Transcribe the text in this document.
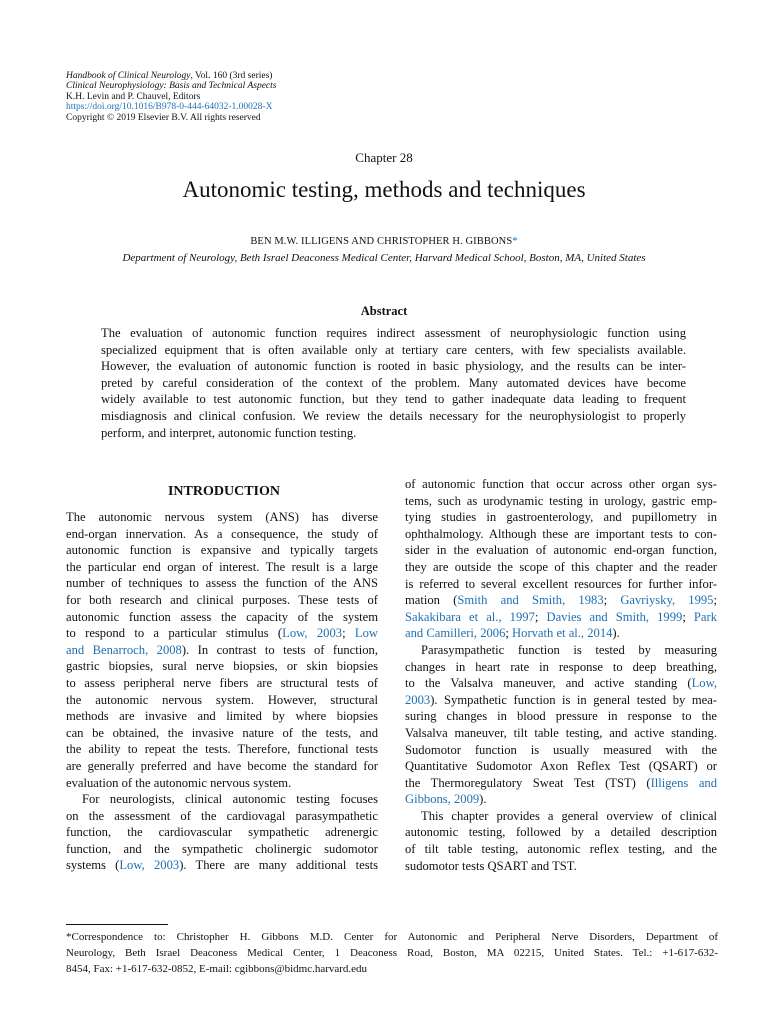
Handbook of Clinical Neurology, Vol. 160 (3rd series)
Clinical Neurophysiology: Basis and Technical Aspects
K.H. Levin and P. Chauvel, Editors
https://doi.org/10.1016/B978-0-444-64032-1.00028-X
Copyright © 2019 Elsevier B.V. All rights reserved
Chapter 28
Autonomic testing, methods and techniques
BEN M.W. ILLIGENS AND CHRISTOPHER H. GIBBONS*
Department of Neurology, Beth Israel Deaconess Medical Center, Harvard Medical School, Boston, MA, United States
Abstract
The evaluation of autonomic function requires indirect assessment of neurophysiologic function using
specialized equipment that is often available only at tertiary care centers, with few specialists available.
However, the evaluation of autonomic function is rooted in basic physiology, and the results can be inter-
preted by careful consideration of the context of the problem. Many automated devices have become
widely available to test autonomic function, but they tend to gather inadequate data leading to frequent
misdiagnosis and clinical confusion. We review the details necessary for the neurophysiologist to properly
perform, and interpret, autonomic function testing.
INTRODUCTION
The autonomic nervous system (ANS) has diverse
end-organ innervation. As a consequence, the study of
autonomic function is expansive and typically targets
the particular end organ of interest. The result is a large
number of techniques to assess the function of the ANS
for both research and clinical purposes. These tests of
autonomic function assess the capacity of the system
to respond to a particular stimulus (Low, 2003; Low
and Benarroch, 2008). In contrast to tests of function,
gastric biopsies, sural nerve biopsies, or skin biopsies
to assess peripheral nerve fibers are structural tests of
the autonomic nervous system. However, structural
methods are invasive and limited by where biopsies
can be obtained, the invasive nature of the tests, and
the ability to repeat the tests. Therefore, functional tests
are generally preferred and have become the standard for
evaluation of the autonomic nervous system.
For neurologists, clinical autonomic testing focuses
on the assessment of the cardiovagal parasympathetic
function, the cardiovascular sympathetic adrenergic
function, and the sympathetic cholinergic sudomotor
systems (Low, 2003). There are many additional tests
of autonomic function that occur across other organ sys-
tems, such as urodynamic testing in urology, gastric emp-
tying studies in gastroenterology, and pupillometry in
ophthalmology. Although these are important tests to con-
sider in the evaluation of autonomic end-organ function,
they are outside the scope of this chapter and the reader
is referred to several excellent resources for further infor-
mation (Smith and Smith, 1983; Gavriysky, 1995;
Sakakibara et al., 1997; Davies and Smith, 1999; Park
and Camilleri, 2006; Horvath et al., 2014).
Parasympathetic function is tested by measuring
changes in heart rate in response to deep breathing,
to the Valsalva maneuver, and active standing (Low,
2003). Sympathetic function is in general tested by mea-
suring changes in blood pressure in response to the
Valsalva maneuver, tilt table testing, and active standing.
Sudomotor function is usually measured with the
Quantitative Sudomotor Axon Reflex Test (QSART) or
the Thermoregulatory Sweat Test (TST) (Illigens and
Gibbons, 2009).
This chapter provides a general overview of clinical
autonomic testing, followed by a detailed description
of tilt table testing, autonomic reflex testing, and the
sudomotor tests QSART and TST.
*Correspondence to: Christopher H. Gibbons M.D. Center for Autonomic and Peripheral Nerve Disorders, Department of
Neurology, Beth Israel Deaconess Medical Center, 1 Deaconess Road, Boston, MA 02215, United States. Tel.: +1-617-632-
8454, Fax: +1-617-632-0852, E-mail: cgibbons@bidmc.harvard.edu
